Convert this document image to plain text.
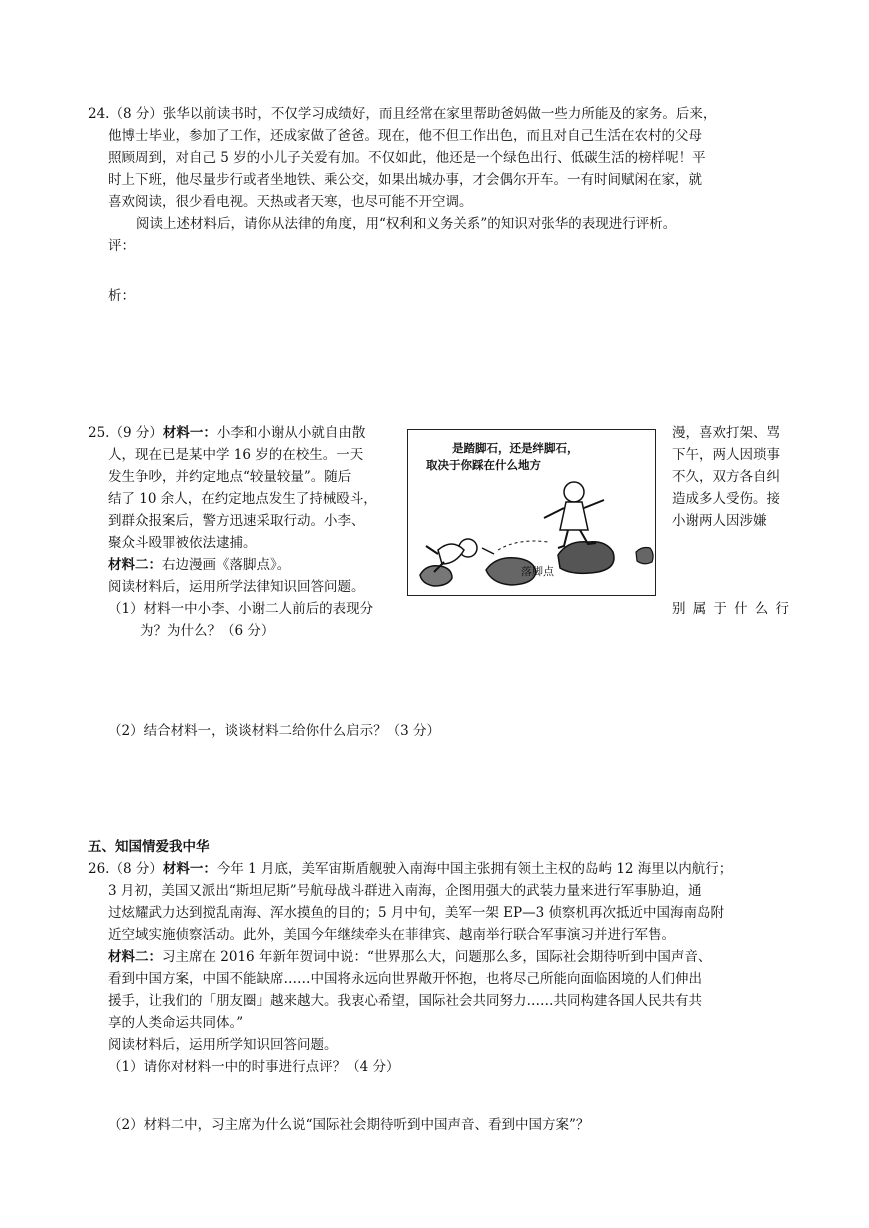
24.（8 分）张华以前读书时，不仅学习成绩好，而且经常在家里帮助爸妈做一些力所能及的家务。后来，
他博士毕业，参加了工作，还成家做了爸爸。现在，他不但工作出色，而且对自己生活在农村的父母
照顾周到，对自己 5 岁的小儿子关爱有加。不仅如此，他还是一个绿色出行、低碳生活的榜样呢！平
时上下班，他尽量步行或者坐地铁、乘公交，如果出城办事，才会偶尔开车。一有时间赋闲在家，就
喜欢阅读，很少看电视。天热或者天寒，也尽可能不开空调。
阅读上述材料后，请你从法律的角度，用“权利和义务关系”的知识对张华的表现进行评析。
评：
析：
25.（9 分）材料一：小李和小谢从小就自由散	漫，喜欢打架、骂
人，现在已是某中学 16 岁的在校生。一天	下午，两人因琐事
发生争吵，并约定地点“较量较量”。随后	不久，双方各自纠
结了 10 余人，在约定地点发生了持械殴斗，	造成多人受伤。接
到群众报案后，警方迅速采取行动。小李、	小谢两人因涉嫌
聚众斗殴罪被依法逮捕。
材料二：右边漫画《落脚点》。
阅读材料后，运用所学法律知识回答问题。
（1）材料一中小李、小谢二人前后的表现分	别 属 于 什 么 行
为？为什么？（6 分）
（2）结合材料一，谈谈材料二给你什么启示？（3 分）
是踏脚石，还是绊脚石，
取决于你踩在什么地方
落脚点
五、知国情爱我中华
26.（8 分）材料一：今年 1 月底，美军宙斯盾舰驶入南海中国主张拥有领土主权的岛屿 12 海里以内航行；
3 月初，美国又派出“斯坦尼斯”号航母战斗群进入南海，企图用强大的武装力量来进行军事胁迫，通
过炫耀武力达到搅乱南海、浑水摸鱼的目的；5 月中旬，美军一架 EP—3 侦察机再次抵近中国海南岛附
近空域实施侦察活动。此外，美国今年继续牵头在菲律宾、越南举行联合军事演习并进行军售。
材料二：习主席在 2016 年新年贺词中说：“世界那么大，问题那么多，国际社会期待听到中国声音、
看到中国方案，中国不能缺席……中国将永远向世界敞开怀抱，也将尽己所能向面临困境的人们伸出
援手，让我们的「朋友圈」越来越大。我衷心希望，国际社会共同努力……共同构建各国人民共有共
享的人类命运共同体。”
阅读材料后，运用所学知识回答问题。
（1）请你对材料一中的时事进行点评？（4 分）
（2）材料二中，习主席为什么说“国际社会期待听到中国声音、看到中国方案”？
